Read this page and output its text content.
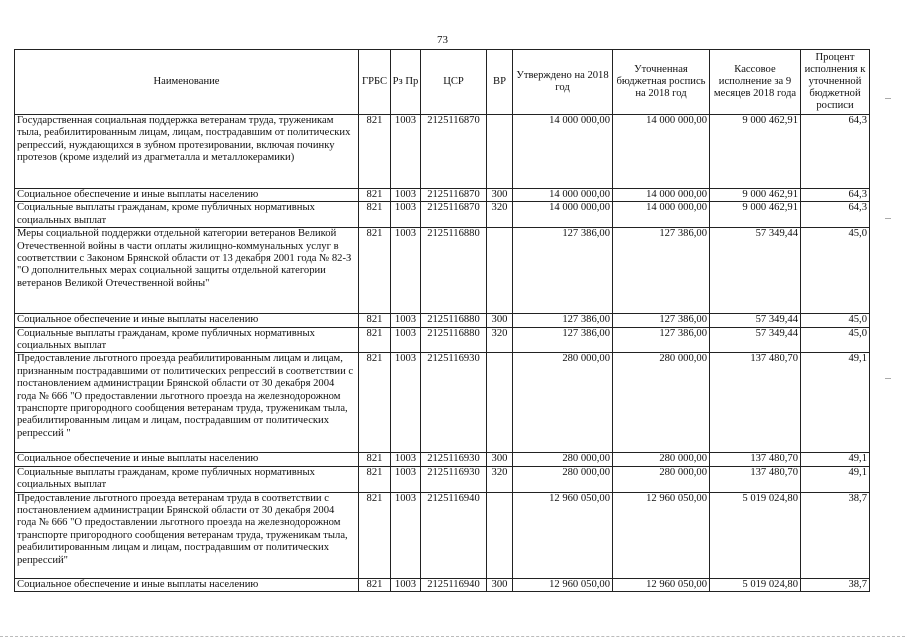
73
Наименование	ГРБС	Рз Пр	ЦСР	ВР	Утверждено на 2018 год	Уточненная бюджетная роспись на 2018 год	Кассовое исполнение за 9 месяцев 2018 года	Процент исполнения к уточненной бюджетной росписи
Государственная социальная поддержка ветеранам труда, труженикам тыла, реабилитированным лицам, лицам, пострадавшим от политических репрессий, нуждающихся в зубном протезировании, включая починку протезов (кроме изделий из драгметалла и металлокерамики)	821	1003	2125116870		14 000 000,00	14 000 000,00	9 000 462,91	64,3
Социальное обеспечение и иные выплаты населению	821	1003	2125116870	300	14 000 000,00	14 000 000,00	9 000 462,91	64,3
Социальные выплаты гражданам, кроме публичных нормативных социальных выплат	821	1003	2125116870	320	14 000 000,00	14 000 000,00	9 000 462,91	64,3
Меры социальной поддержки отдельной категории ветеранов Великой Отечественной войны в части оплаты жилищно-коммунальных услуг в соответствии с Законом Брянской области от 13 декабря 2001 года № 82-З "О дополнительных мерах социальной защиты отдельной категории ветеранов Великой Отечественной войны"	821	1003	2125116880		127 386,00	127 386,00	57 349,44	45,0
Социальное обеспечение и иные выплаты населению	821	1003	2125116880	300	127 386,00	127 386,00	57 349,44	45,0
Социальные выплаты гражданам, кроме публичных нормативных социальных выплат	821	1003	2125116880	320	127 386,00	127 386,00	57 349,44	45,0
Предоставление льготного проезда реабилитированным лицам и лицам, признанным пострадавшими от политических репрессий в соответствии с постановлением администрации Брянской области от 30 декабря 2004 года № 666 "О предоставлении льготного проезда на железнодорожном транспорте пригородного сообщения ветеранам труда, труженикам тыла, реабилитированным лицам и лицам, пострадавшим от политических репрессий "	821	1003	2125116930		280 000,00	280 000,00	137 480,70	49,1
Социальное обеспечение и иные выплаты населению	821	1003	2125116930	300	280 000,00	280 000,00	137 480,70	49,1
Социальные выплаты гражданам, кроме публичных нормативных социальных выплат	821	1003	2125116930	320	280 000,00	280 000,00	137 480,70	49,1
Предоставление льготного проезда ветеранам труда в соответствии с постановлением администрации Брянской области от 30 декабря 2004 года № 666 "О предоставлении льготного проезда на железнодорожном транспорте пригородного сообщения ветеранам труда, труженикам тыла, реабилитированным лицам и лицам, пострадавшим от политических репрессий"	821	1003	2125116940		12 960 050,00	12 960 050,00	5 019 024,80	38,7
Социальное обеспечение и иные выплаты населению	821	1003	2125116940	300	12 960 050,00	12 960 050,00	5 019 024,80	38,7
